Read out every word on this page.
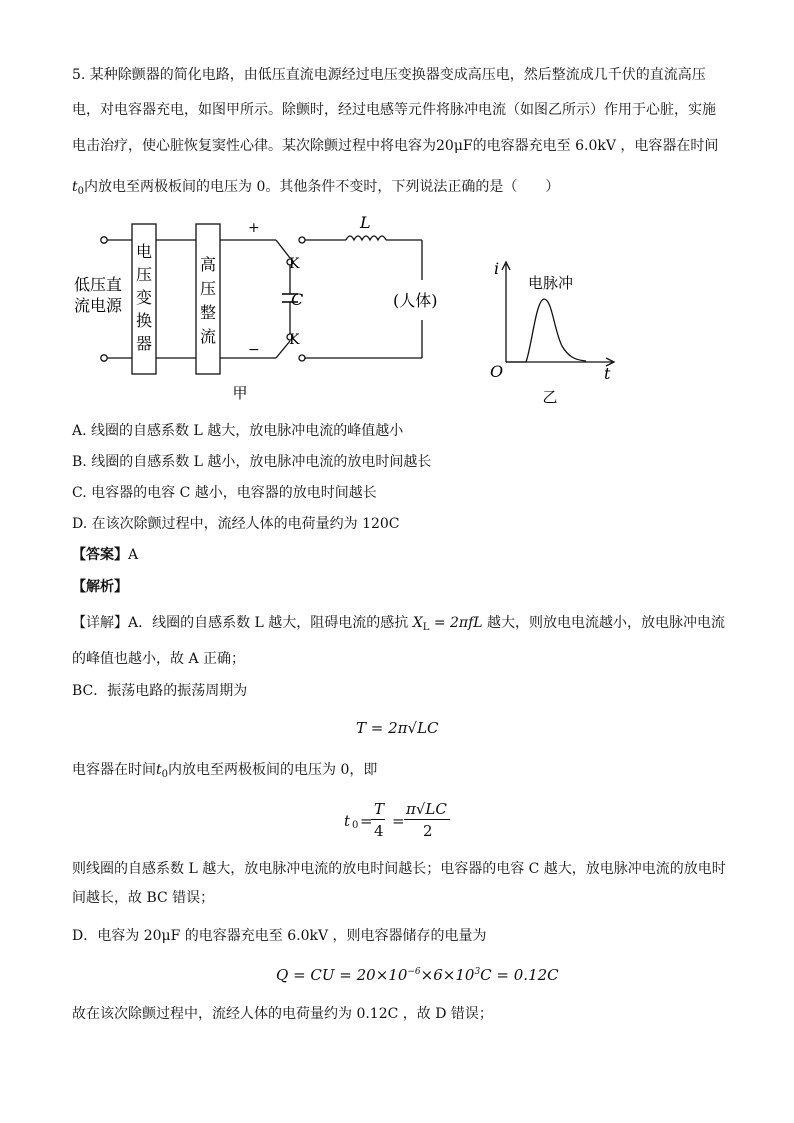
5. 某种除颤器的简化电路，由低压直流电源经过电压变换器变成高压电，然后整流成几千伏的直流高压
电，对电容器充电，如图甲所示。除颤时，经过电感等元件将脉冲电流（如图乙所示）作用于心脏，实施
电击治疗，使心脏恢复窦性心律。某次除颤过程中将电容为20μF的电容器充电至 6.0kV ，电容器在时间
$t_0$内放电至两极板间的电压为 0。其他条件不变时，下列说法正确的是（　　）
低压直
流电源
电
压
变
换
器
高
压
整
流
+
−
K
K
C
L
(人体)
甲
i
t
O
电脉冲
乙
A. 线圈的自感系数 L 越大，放电脉冲电流的峰值越小
B. 线圈的自感系数 L 越小，放电脉冲电流的放电时间越长
C. 电容器的电容 C 越小，电容器的放电时间越长
D. 在该次除颤过程中，流经人体的电荷量约为 120C
【答案】A
【解析】
【详解】A．线圈的自感系数 L 越大，阻碍电流的感抗 $X_L = 2\pi fL$ 越大，则放电电流越小，放电脉冲电流
的峰值也越小，故 A 正确；
BC．振荡电路的振荡周期为
T = 2π√LC
电容器在时间$t_0$内放电至两极板间的电压为 0，即
t 0 =
T
4
=
π√LC
2
则线圈的自感系数 L 越大，放电脉冲电流的放电时间越长；电容器的电容 C 越大，放电脉冲电流的放电时
间越长，故 BC 错误；
D．电容为 20μF 的电容器充电至 6.0kV ，则电容器储存的电量为
Q = CU = $20\times 10^{-6}\times 6\times 10^3C = 0.12C$
故在该次除颤过程中，流经人体的电荷量约为 0.12C ，故 D 错误；
